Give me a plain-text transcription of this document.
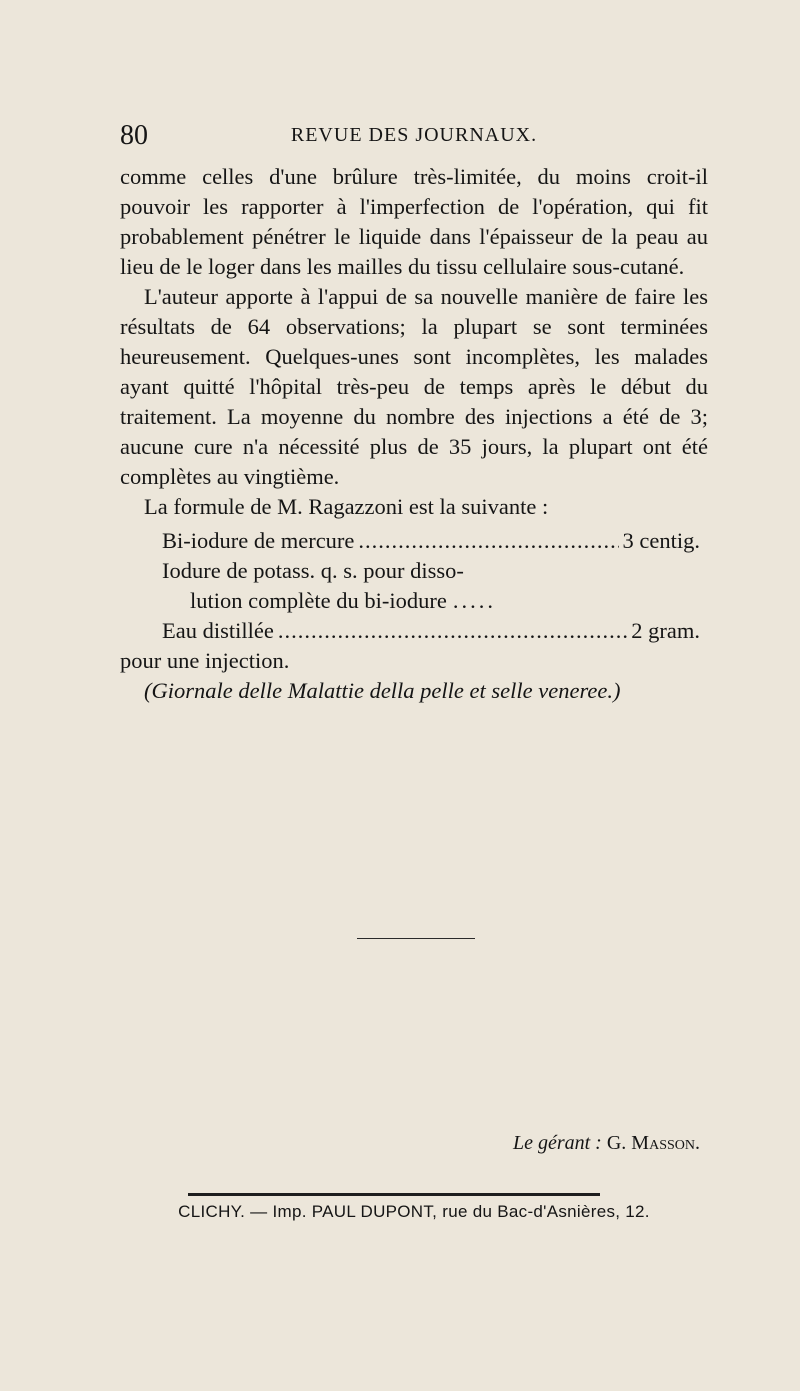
80	REVUE DES JOURNAUX.

comme celles d'une brûlure très-limitée, du moins croit-il pouvoir les rapporter à l'imperfection de l'opération, qui fit probablement pénétrer le liquide dans l'épaisseur de la peau au lieu de le loger dans les mailles du tissu cellulaire sous-cutané.

L'auteur apporte à l'appui de sa nouvelle manière de faire les résultats de 64 observations; la plupart se sont terminées heureusement. Quelques-unes sont incomplètes, les malades ayant quitté l'hôpital très-peu de temps après le début du traitement. La moyenne du nombre des injections a été de 3; aucune cure n'a nécessité plus de 35 jours, la plupart ont été complètes au vingtième.

La formule de M. Ragazzoni est la suivante :

Bi-iodure de mercure .....	3 centig.
Iodure de potass. q. s. pour disso-
lution complète du bi-iodure .....
Eau distillée .....	2 gram.

pour une injection.

(Giornale delle Malattie della pelle et selle veneree.)

Le gérant : G. Masson.
CLICHY. — Imp. PAUL DUPONT, rue du Bac-d'Asnières, 12.
